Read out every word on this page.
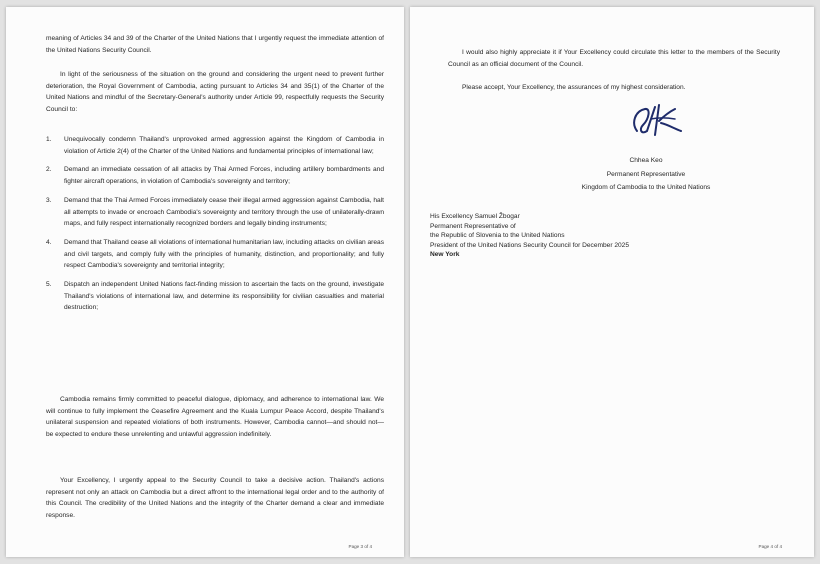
meaning of Articles 34 and 39 of the Charter of the United Nations that I urgently request the immediate attention of the United Nations Security Council.

In light of the seriousness of the situation on the ground and considering the urgent need to prevent further deterioration, the Royal Government of Cambodia, acting pursuant to Articles 34 and 35(1) of the Charter of the United Nations and mindful of the Secretary-General's authority under Article 99, respectfully requests the Security Council to:

1. Unequivocally condemn Thailand's unprovoked armed aggression against the Kingdom of Cambodia in violation of Article 2(4) of the Charter of the United Nations and fundamental principles of international law;
2. Demand an immediate cessation of all attacks by Thai Armed Forces, including artillery bombardments and fighter aircraft operations, in violation of Cambodia's sovereignty and territory;
3. Demand that the Thai Armed Forces immediately cease their illegal armed aggression against Cambodia, halt all attempts to invade or encroach Cambodia's sovereignty and territory through the use of unilaterally-drawn maps, and fully respect internationally recognized borders and legally binding instruments;
4. Demand that Thailand cease all violations of international humanitarian law, including attacks on civilian areas and civil targets, and comply fully with the principles of humanity, distinction, and proportionality; and fully respect Cambodia's sovereignty and territorial integrity;
5. Dispatch an independent United Nations fact-finding mission to ascertain the facts on the ground, investigate Thailand's violations of international law, and determine its responsibility for civilian casualties and material destruction;

Cambodia remains firmly committed to peaceful dialogue, diplomacy, and adherence to international law. We will continue to fully implement the Ceasefire Agreement and the Kuala Lumpur Peace Accord, despite Thailand's unilateral suspension and repeated violations of both instruments. However, Cambodia cannot—and should not—be expected to endure these unrelenting and unlawful aggression indefinitely.

Your Excellency, I urgently appeal to the Security Council to take a decisive action. Thailand's actions represent not only an attack on Cambodia but a direct affront to the international legal order and to the authority of this Council. The credibility of the United Nations and the integrity of the Charter demand a clear and immediate response.

Page 3 of 4

I would also highly appreciate it if Your Excellency could circulate this letter to the members of the Security Council as an official document of the Council.

Please accept, Your Excellency, the assurances of my highest consideration.

Chhea Keo
Permanent Representative
Kingdom of Cambodia to the United Nations
His Excellency Samuel Žbogar
Permanent Representative of
the Republic of Slovenia to the United Nations
President of the United Nations Security Council for December 2025
New York
Page 4 of 4
